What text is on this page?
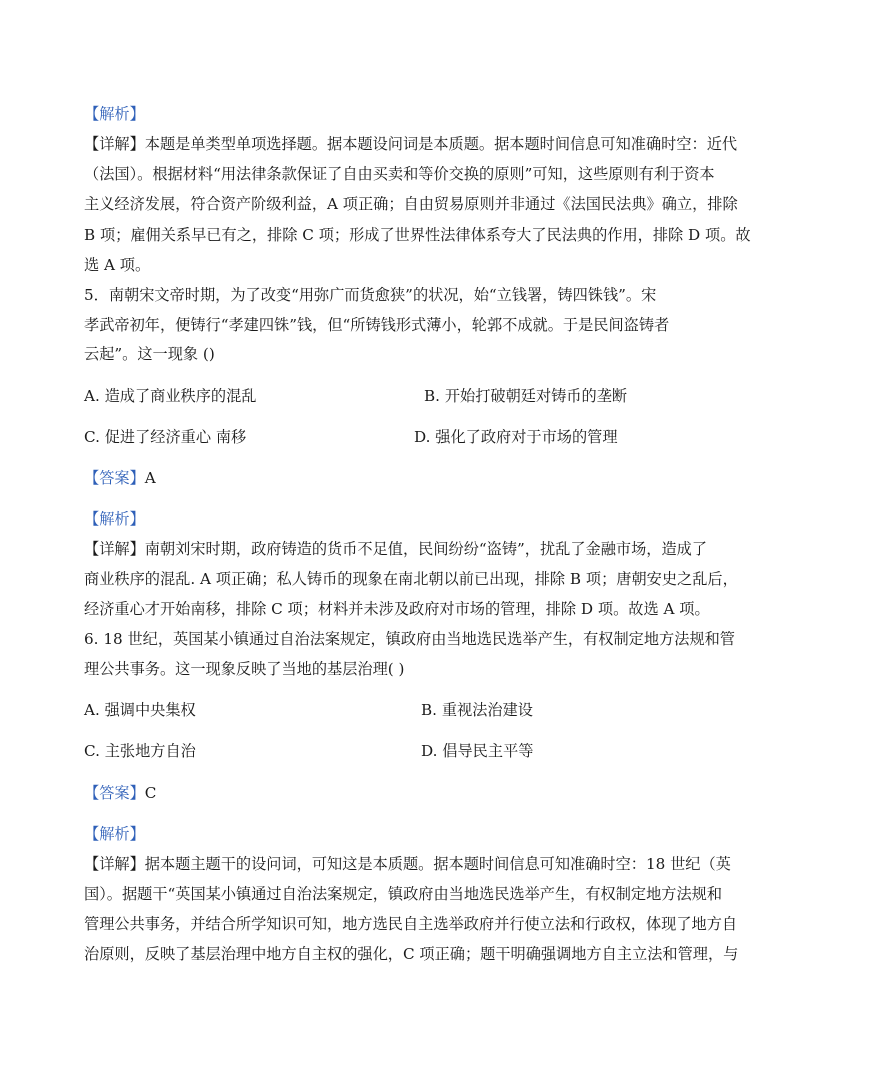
【解析】
【详解】本题是单类型单项选择题。据本题设问词是本质题。据本题时间信息可知准确时空：近代
（法国）。根据材料“用法律条款保证了自由买卖和等价交换的原则”可知，这些原则有利于资本
主义经济发展，符合资产阶级利益，A 项正确；自由贸易原则并非通过《法国民法典》确立，排除
B 项；雇佣关系早已有之，排除 C 项；形成了世界性法律体系夸大了民法典的作用，排除 D 项。故
选 A 项。
5．南朝宋文帝时期，为了改变“用弥广而货愈狭”的状况，始“立钱署，铸四铢钱”。宋
孝武帝初年，便铸行“孝建四铢”钱，但“所铸钱形式薄小，轮郭不成就。于是民间盗铸者
云起”。这一现象 ()
A. 造成了商业秩序的混乱	B. 开始打破朝廷对铸币的垄断
C. 促进了经济重心 南移	D. 强化了政府对于市场的管理
【答案】A
【解析】
【详解】南朝刘宋时期，政府铸造的货币不足值，民间纷纷“盗铸”，扰乱了金融市场，造成了
商业秩序的混乱. A 项正确；私人铸币的现象在南北朝以前已出现，排除 B 项；唐朝安史之乱后，
经济重心才开始南移，排除 C 项；材料并未涉及政府对市场的管理，排除 D 项。故选 A 项。
6. 18 世纪，英国某小镇通过自治法案规定，镇政府由当地选民选举产生，有权制定地方法规和管
理公共事务。这一现象反映了当地的基层治理( )
A. 强调中央集权	B. 重视法治建设
C. 主张地方自治	D. 倡导民主平等
【答案】C
【解析】
【详解】据本题主题干的设问词，可知这是本质题。据本题时间信息可知准确时空：18 世纪（英
国）。据题干“英国某小镇通过自治法案规定，镇政府由当地选民选举产生，有权制定地方法规和
管理公共事务，并结合所学知识可知，地方选民自主选举政府并行使立法和行政权，体现了地方自
治原则，反映了基层治理中地方自主权的强化，C 项正确；题干明确强调地方自主立法和管理，与
